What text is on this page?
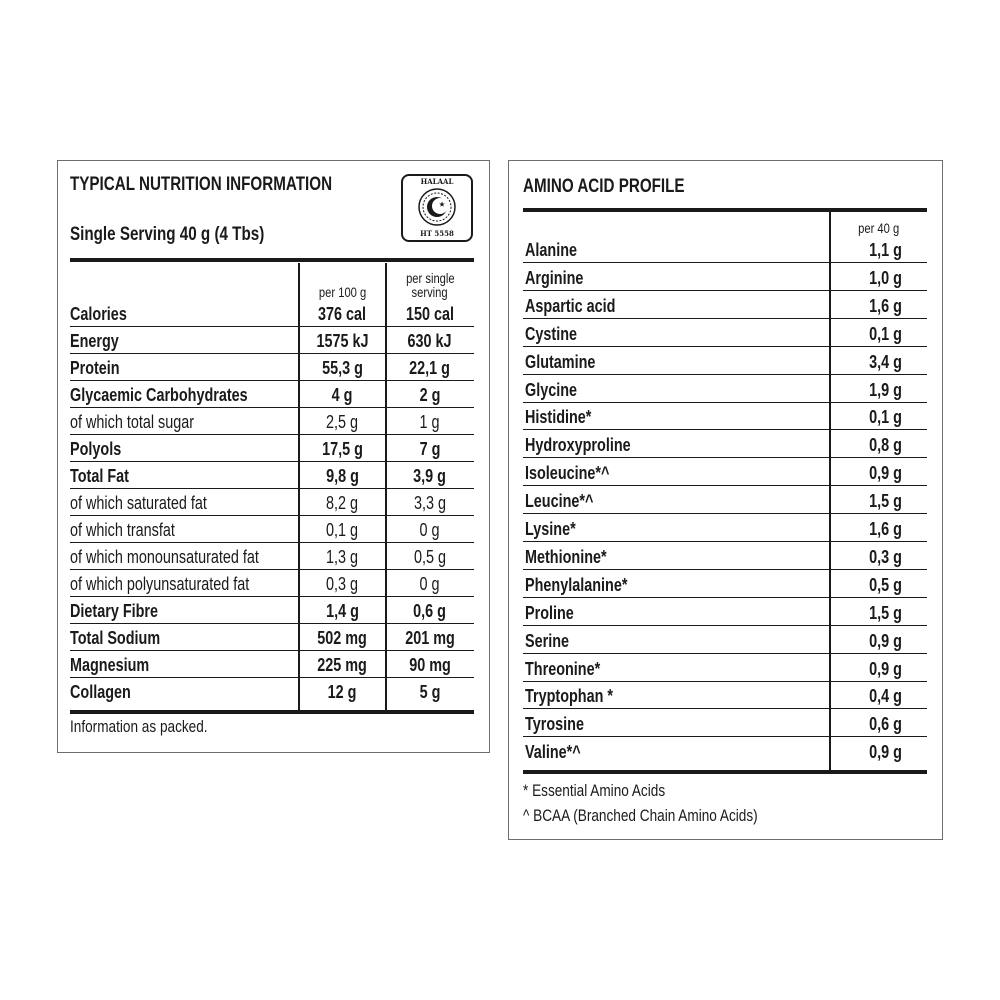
TYPICAL NUTRITION INFORMATION
Single Serving 40 g (4 Tbs)
HALAAL
HT 5558
per 100 g
per single
serving
Calories	376 cal	150 cal
Energy	1575 kJ	630 kJ
Protein	55,3 g	22,1 g
Glycaemic Carbohydrates	4 g	2 g
of which total sugar	2,5 g	1 g
Polyols	17,5 g	7 g
Total Fat	9,8 g	3,9 g
of which saturated fat	8,2 g	3,3 g
of which transfat	0,1 g	0 g
of which monounsaturated fat	1,3 g	0,5 g
of which polyunsaturated fat	0,3 g	0 g
Dietary Fibre	1,4 g	0,6 g
Total Sodium	502 mg	201 mg
Magnesium	225 mg	90 mg
Collagen	12 g	5 g
Information as packed.
AMINO ACID PROFILE
per 40 g
Alanine	1,1 g
Arginine	1,0 g
Aspartic acid	1,6 g
Cystine	0,1 g
Glutamine	3,4 g
Glycine	1,9 g
Histidine*	0,1 g
Hydroxyproline	0,8 g
Isoleucine*^	0,9 g
Leucine*^	1,5 g
Lysine*	1,6 g
Methionine*	0,3 g
Phenylalanine*	0,5 g
Proline	1,5 g
Serine	0,9 g
Threonine*	0,9 g
Tryptophan *	0,4 g
Tyrosine	0,6 g
Valine*^	0,9 g
* Essential Amino Acids
^ BCAA (Branched Chain Amino Acids)
